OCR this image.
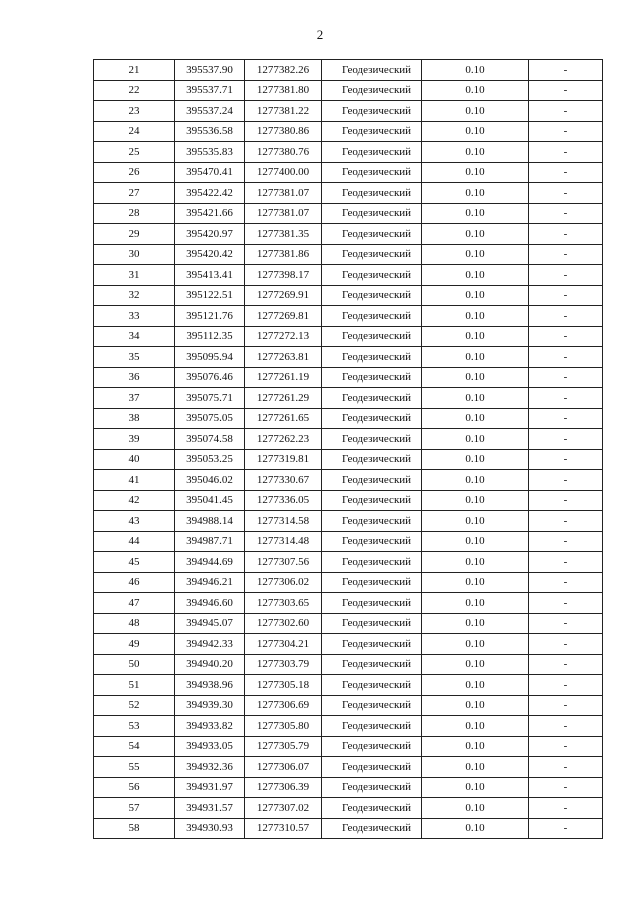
2
21	395537.90	1277382.26	Геодезический	0.10	-
22	395537.71	1277381.80	Геодезический	0.10	-
23	395537.24	1277381.22	Геодезический	0.10	-
24	395536.58	1277380.86	Геодезический	0.10	-
25	395535.83	1277380.76	Геодезический	0.10	-
26	395470.41	1277400.00	Геодезический	0.10	-
27	395422.42	1277381.07	Геодезический	0.10	-
28	395421.66	1277381.07	Геодезический	0.10	-
29	395420.97	1277381.35	Геодезический	0.10	-
30	395420.42	1277381.86	Геодезический	0.10	-
31	395413.41	1277398.17	Геодезический	0.10	-
32	395122.51	1277269.91	Геодезический	0.10	-
33	395121.76	1277269.81	Геодезический	0.10	-
34	395112.35	1277272.13	Геодезический	0.10	-
35	395095.94	1277263.81	Геодезический	0.10	-
36	395076.46	1277261.19	Геодезический	0.10	-
37	395075.71	1277261.29	Геодезический	0.10	-
38	395075.05	1277261.65	Геодезический	0.10	-
39	395074.58	1277262.23	Геодезический	0.10	-
40	395053.25	1277319.81	Геодезический	0.10	-
41	395046.02	1277330.67	Геодезический	0.10	-
42	395041.45	1277336.05	Геодезический	0.10	-
43	394988.14	1277314.58	Геодезический	0.10	-
44	394987.71	1277314.48	Геодезический	0.10	-
45	394944.69	1277307.56	Геодезический	0.10	-
46	394946.21	1277306.02	Геодезический	0.10	-
47	394946.60	1277303.65	Геодезический	0.10	-
48	394945.07	1277302.60	Геодезический	0.10	-
49	394942.33	1277304.21	Геодезический	0.10	-
50	394940.20	1277303.79	Геодезический	0.10	-
51	394938.96	1277305.18	Геодезический	0.10	-
52	394939.30	1277306.69	Геодезический	0.10	-
53	394933.82	1277305.80	Геодезический	0.10	-
54	394933.05	1277305.79	Геодезический	0.10	-
55	394932.36	1277306.07	Геодезический	0.10	-
56	394931.97	1277306.39	Геодезический	0.10	-
57	394931.57	1277307.02	Геодезический	0.10	-
58	394930.93	1277310.57	Геодезический	0.10	-
